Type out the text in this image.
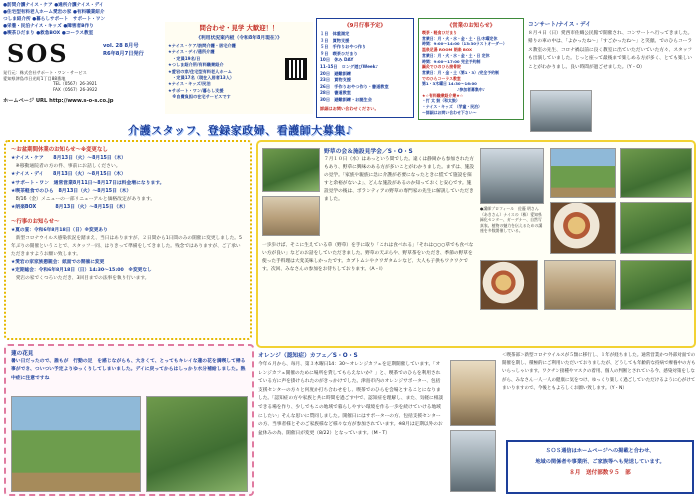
●訪問介護ナイス・ケア ●通所介護ナイス・デイ
●住宅型有料老人ホーム愛宕の家 ●有料職業紹介
つしま紹介所 ●暮らしサポート　サポート・ワン
●栄養・民泊ナイス・キッズ ●障害者B作り
●喫茶ひだまり ●救急BOX ●コーラス教室
SOS	vol. 28 8月号
R6年8月7日発行
発行元：株式会社サポート・ワン・サービス
愛知県津島市日光町1丁目88番地
TEL（0567）26-3921
FAX（0567）26-3922
ホームページ URL http://www.s-o-s.co.jp
問合わせ・見学 大歓迎！！
《利用状況案内板（令和8年8月現在）》
★ナイス・ケア/訪問介護・居宅介護
★ナイス・デイ/通所介護
　・定員19名/日
★つしま紹介所/有料職業紹介
★愛宕の家/住宅型有料老人ホーム
　・定員17名（現在入居者13人）
★ナイス・キッズ/民泊
★サポート・ワン/暮らし支援
　※自費負担の在宅サービスです
《9月行事予定》
１日　体重測定
３日　買物支援
５日　手作りおやつ作り
９日　喫茶ひだまり
10日　休み DAY
11-15日　ロング遊びWeek♪
20日　避難訓練
23日　買物支援
26日　手作りおやつ作り・書道教室
28日　書道教室
30日　避難訓練・お誕生会
詳細はお問い合わせください。
《営業のお知らせ》
喫茶・軽食ひだまり
営業日：月・火・水・金・土・日/木曜定休
時間：9:00～14:00（13:30ラストオーダー）
温泉足湯 ROOM 朗楽 BOX
営業日：月・火・水・金・土・日 定休
時間：9:00～17:00 完全予約制
鍼灸でひのひら接骨院
営業日：月・金・土（第1・3）/完全予約制
でのひらコーラス教室
第1・3木曜日 14:30～16:00
♪参加者募集中♪
★☆有料職業紹介業★☆
・打 太 鼓（和太鼓）
・ナイス・キッズ　（学童・民泊）
～詳細はお問い合わせ下さい～
コンサート/ナイス・デイ
８月４日（日）愛西市佐織公民館で開催され、コンサートへ行ってきました。帰りの車の中は、「よかったね～」「すごかったね～」と笑顔。でのひらコーラス教室の先生、コロナ禍以前に良く教室に出ていただいていた方々、スタッフも出演していました。じっと座って最後まで楽しめる方が多く、とても楽しいことがわかりまし。良い時間が過ごせました。（Y・O）
介護スタッフ、登録家政婦、看護師大募集♪
～お盆期間休業のお知らせ～※変更なし
★ナイス・ケア　　8月13日（火）～8月15日（木）
　※移動通院者の方の件、事前にお話しください。
★ナイス・デイ　　8月13日（火）～8月15日（木）
★サポート・ワン　通常営業8月11日～8月17日は料金増になります。
★喫茶軽食でのひら　8月13日（火）～8月15日（木）
　8/16（金）メニューの一部リニューアルと価格改定があります。
★朗楽BOX　　　　8月13日（火）～8月15日（木）
～行事のお知らせ～
★夏の宴：令和6年8月18日（日）※変更あり
　新型コロナウイルス感染状況を踏まえ、当日はありますが、２日間から1日間のみの開催に変更しました。5年ぶりの開催ということで、スタッフ一同、はりきって準備をしてきました。残念ではありますが、ご了承いただきますようお願い致します。
★愛宕の家家族懇親会：紙面での開催に変更
★定期総会：令和6年8月18日（日）14:30～15:00　※変更なし
　愛宕の家でくつろいただき、3回目までの法事を執り行います。
野草の会＆施設見学会／S・O・S
７月１０日（水）はあっという間でした。遠くは静岡から参加された方もあり、野草に興味のある方が多いことがわかりました。まずは、施設の見学。「家族や親族に急に介護が必要になったときに慌てて施設を探すと余裕がないよ」、どんな施設があるのか知っておくと安心です。施設見学の後は、ボランティアの野草の専門家の先生に解説していただきました。
一歩歩けば、そこに生えている草（野草）を手に取り「これは食べれる」「それは○○○草でも食べない方が良い」などのお話をしていただきました。野草の天ぷらや、野草茶をいただき、季節の野草を使った手料理は大変美味しかったです。カブトムシやクワガタムシなど、大人も子供もワクワクです。次回、みなさんの参加をお待ちしております。（A・I）
●講師プロフィール　佐藤 明さん（あきさん）ナイスの（株）愛知県緑化センター、ガーデナー、自然写真家。植物の魅力を伝えるための講座を多数開催している。
蓮の花見
暑い日だったので、誰もが　行動の足　を感じながらも、大きくて、とってもキレイな蓮の花を満喫して帰る事ができ、ついつい予定よりゆっくりしてしまいました。デイに戻ってからはしっかり水分補給しました。熱中症に注意ですね
オレンジ（認知症）カフェ／S・O・S
今年６月から、毎月、第３木曜日14：30～オレンジカフェを定期開催しています。「オレンジカフェ開催のために場所を貸してもらえないか？」と、喫茶でのひらを利用されている方に声を掛けられたのがきっかけでした。津島市内のオレンジサポーター、包括支援センターの方々と何度か打ち合わせをし、喫茶でのひらを会場とすることになりました。「認知症の方や家族と共に時間を過ごす中で、認知症を理解し、また、気軽に相談できる場を作り、少しでもこの地域で暮らしやすい環境を作る一歩を続けていける地域にしたい」そんな思いに賛同しました。開催日にはサポーターの方、包括支援センターの方、当事者様とそのご家族様など様々な方が参加されています。※8月は定期以外のお盆休みの為、開催日が変更（8/22）となっています。（M・T）
＜喫茶部＞新型コロナウイルスが５類に移行し、１年が経ちました。通常営業かつ外部対面での開催を期し、積極的にご利用いただいておりましたが、どうしても年齢的な持病で療養中の方もいらっしゃいます。ワクチン接種やマスクの着用、個人の判断とされている今、感染対策をしながら、みなさん一人一人の健康に気をつけ、ゆっくり楽しく過ごしていただけるように心がけてまいりますので、今後ともよろしくお願い致します。（Y・N）
ＳＯＳ通信はホームページへの掲載と合わせ、
地域の関係者や事業所、ご家族等へも発送しています。
８月　送付部数９５　部
